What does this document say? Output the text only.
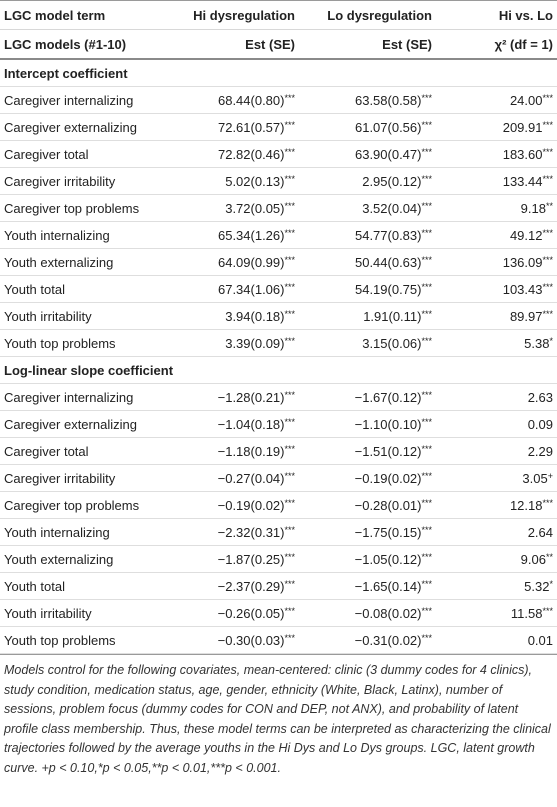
LGC model term	Hi dysregulation	Lo dysregulation	Hi vs. Lo
LGC models (#1-10)	Est (SE)	Est (SE)	χ² (df = 1)
Intercept coefficient			
Caregiver internalizing	68.44(0.80)***	63.58(0.58)***	24.00***
Caregiver externalizing	72.61(0.57)***	61.07(0.56)***	209.91***
Caregiver total	72.82(0.46)***	63.90(0.47)***	183.60***
Caregiver irritability	5.02(0.13)***	2.95(0.12)***	133.44***
Caregiver top problems	3.72(0.05)***	3.52(0.04)***	9.18**
Youth internalizing	65.34(1.26)***	54.77(0.83)***	49.12***
Youth externalizing	64.09(0.99)***	50.44(0.63)***	136.09***
Youth total	67.34(1.06)***	54.19(0.75)***	103.43***
Youth irritability	3.94(0.18)***	1.91(0.11)***	89.97***
Youth top problems	3.39(0.09)***	3.15(0.06)***	5.38*
Log-linear slope coefficient			
Caregiver internalizing	−1.28(0.21)***	−1.67(0.12)***	2.63
Caregiver externalizing	−1.04(0.18)***	−1.10(0.10)***	0.09
Caregiver total	−1.18(0.19)***	−1.51(0.12)***	2.29
Caregiver irritability	−0.27(0.04)***	−0.19(0.02)***	3.05+
Caregiver top problems	−0.19(0.02)***	−0.28(0.01)***	12.18***
Youth internalizing	−2.32(0.31)***	−1.75(0.15)***	2.64
Youth externalizing	−1.87(0.25)***	−1.05(0.12)***	9.06**
Youth total	−2.37(0.29)***	−1.65(0.14)***	5.32*
Youth irritability	−0.26(0.05)***	−0.08(0.02)***	11.58***
Youth top problems	−0.30(0.03)***	−0.31(0.02)***	0.01
Models control for the following covariates, mean-centered: clinic (3 dummy codes for 4 clinics), study condition, medication status, age, gender, ethnicity (White, Black, Latinx), number of sessions, problem focus (dummy codes for CON and DEP, not ANX), and probability of latent profile class membership. Thus, these model terms can be interpreted as characterizing the clinical trajectories followed by the average youths in the Hi Dys and Lo Dys groups. LGC, latent growth curve. +p < 0.10,*p < 0.05,**p < 0.01,***p < 0.001.
